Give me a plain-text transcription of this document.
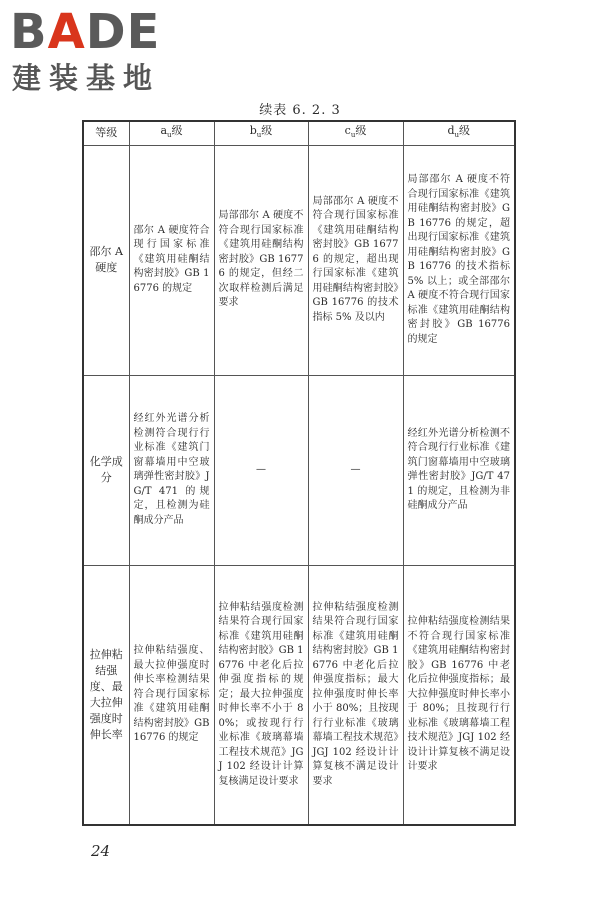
BADE
建装基地
续表 6. 2. 3
等级	$a_u$级	$b_u$级	$c_u$级	$d_u$级
邵尔 A 硬度	邵尔 A 硬度符合现行国家标准《建筑用硅酮结构密封胶》GB 16776 的规定	局部邵尔 A 硬度不符合现行国家标准《建筑用硅酮结构密封胶》GB 16776 的规定，但经二次取样检测后满足要求	局部邵尔 A 硬度不符合现行国家标准《建筑用硅酮结构密封胶》GB 16776 的规定，超出现行国家标准《建筑用硅酮结构密封胶》GB 16776 的技术指标 5% 及以内	局部邵尔 A 硬度不符合现行国家标准《建筑用硅酮结构密封胶》GB 16776 的规定，超出现行国家标准《建筑用硅酮结构密封胶》GB 16776 的技术指标 5% 以上；或全部邵尔 A 硬度不符合现行国家标准《建筑用硅酮结构密封胶》GB 16776 的规定
化学成分	经红外光谱分析检测符合现行行业标准《建筑门窗幕墙用中空玻璃弹性密封胶》JG/T 471 的规定，且检测为硅酮成分产品	—	—	经红外光谱分析检测不符合现行行业标准《建筑门窗幕墙用中空玻璃弹性密封胶》JG/T 471 的规定，且检测为非硅酮成分产品
拉伸粘结强度、最大拉伸强度时伸长率	拉伸粘结强度、最大拉伸强度时伸长率检测结果符合现行国家标准《建筑用硅酮结构密封胶》GB 16776 的规定	拉伸粘结强度检测结果符合现行国家标准《建筑用硅酮结构密封胶》GB 16776 中老化后拉伸强度指标的规定；最大拉伸强度时伸长率不小于 80%；或按现行行业标准《玻璃幕墙工程技术规范》JGJ 102 经设计计算复核满足设计要求	拉伸粘结强度检测结果符合现行国家标准《建筑用硅酮结构密封胶》GB 16776 中老化后拉伸强度指标；最大拉伸强度时伸长率小于 80%；且按现行行业标准《玻璃幕墙工程技术规范》JGJ 102 经设计计算复核不满足设计要求	拉伸粘结强度检测结果不符合现行国家标准《建筑用硅酮结构密封胶》GB 16776 中老化后拉伸强度指标；最大拉伸强度时伸长率小于 80%；且按现行行业标准《玻璃幕墙工程技术规范》JGJ 102 经设计计算复核不满足设计要求
24
